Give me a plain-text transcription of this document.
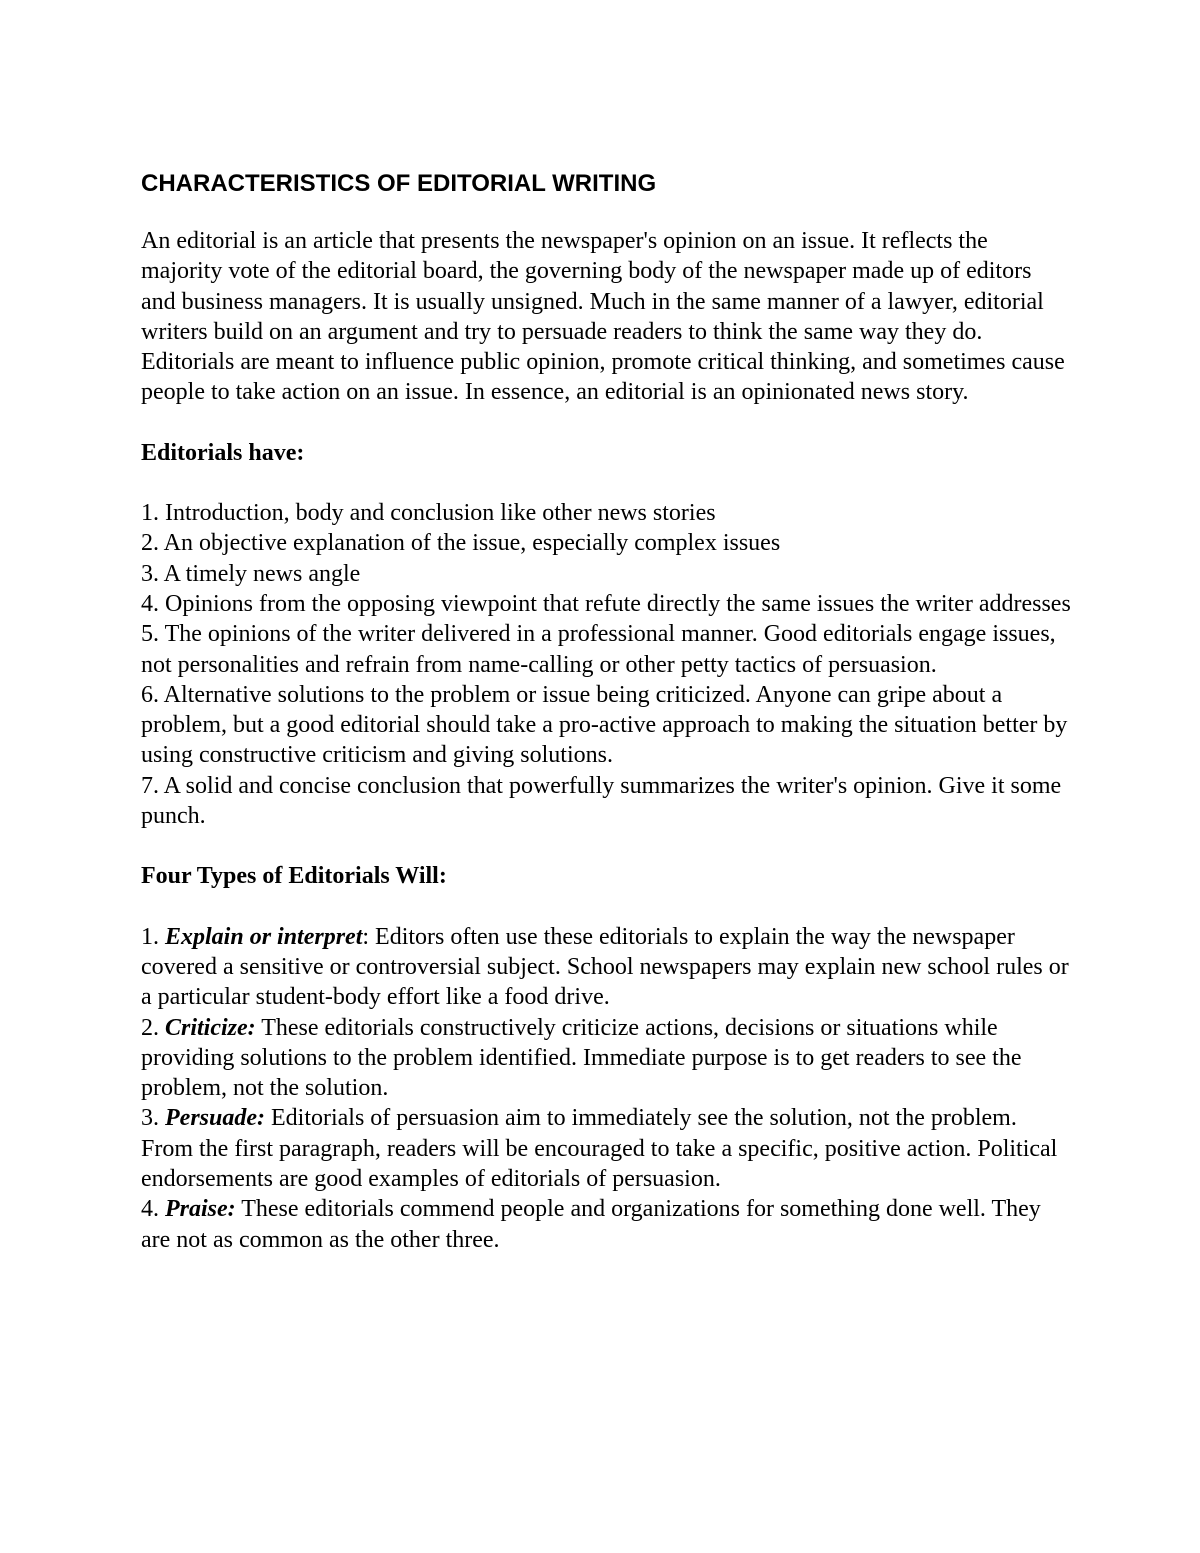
CHARACTERISTICS OF EDITORIAL WRITING

An editorial is an article that presents the newspaper's opinion on an issue. It reflects the majority vote of the editorial board, the governing body of the newspaper made up of editors and business managers. It is usually unsigned. Much in the same manner of a lawyer, editorial writers build on an argument and try to persuade readers to think the same way they do. Editorials are meant to influence public opinion, promote critical thinking, and sometimes cause people to take action on an issue. In essence, an editorial is an opinionated news story.

Editorials have:

1. Introduction, body and conclusion like other news stories
2. An objective explanation of the issue, especially complex issues
3. A timely news angle
4. Opinions from the opposing viewpoint that refute directly the same issues the writer addresses
5. The opinions of the writer delivered in a professional manner. Good editorials engage issues, not personalities and refrain from name-calling or other petty tactics of persuasion.
6. Alternative solutions to the problem or issue being criticized. Anyone can gripe about a problem, but a good editorial should take a pro-active approach to making the situation better by using constructive criticism and giving solutions.
7. A solid and concise conclusion that powerfully summarizes the writer's opinion. Give it some punch.

Four Types of Editorials Will:

1. Explain or interpret: Editors often use these editorials to explain the way the newspaper covered a sensitive or controversial subject. School newspapers may explain new school rules or a particular student-body effort like a food drive.
2. Criticize: These editorials constructively criticize actions, decisions or situations while providing solutions to the problem identified. Immediate purpose is to get readers to see the problem, not the solution.
3. Persuade: Editorials of persuasion aim to immediately see the solution, not the problem. From the first paragraph, readers will be encouraged to take a specific, positive action. Political endorsements are good examples of editorials of persuasion.
4. Praise: These editorials commend people and organizations for something done well. They are not as common as the other three.
